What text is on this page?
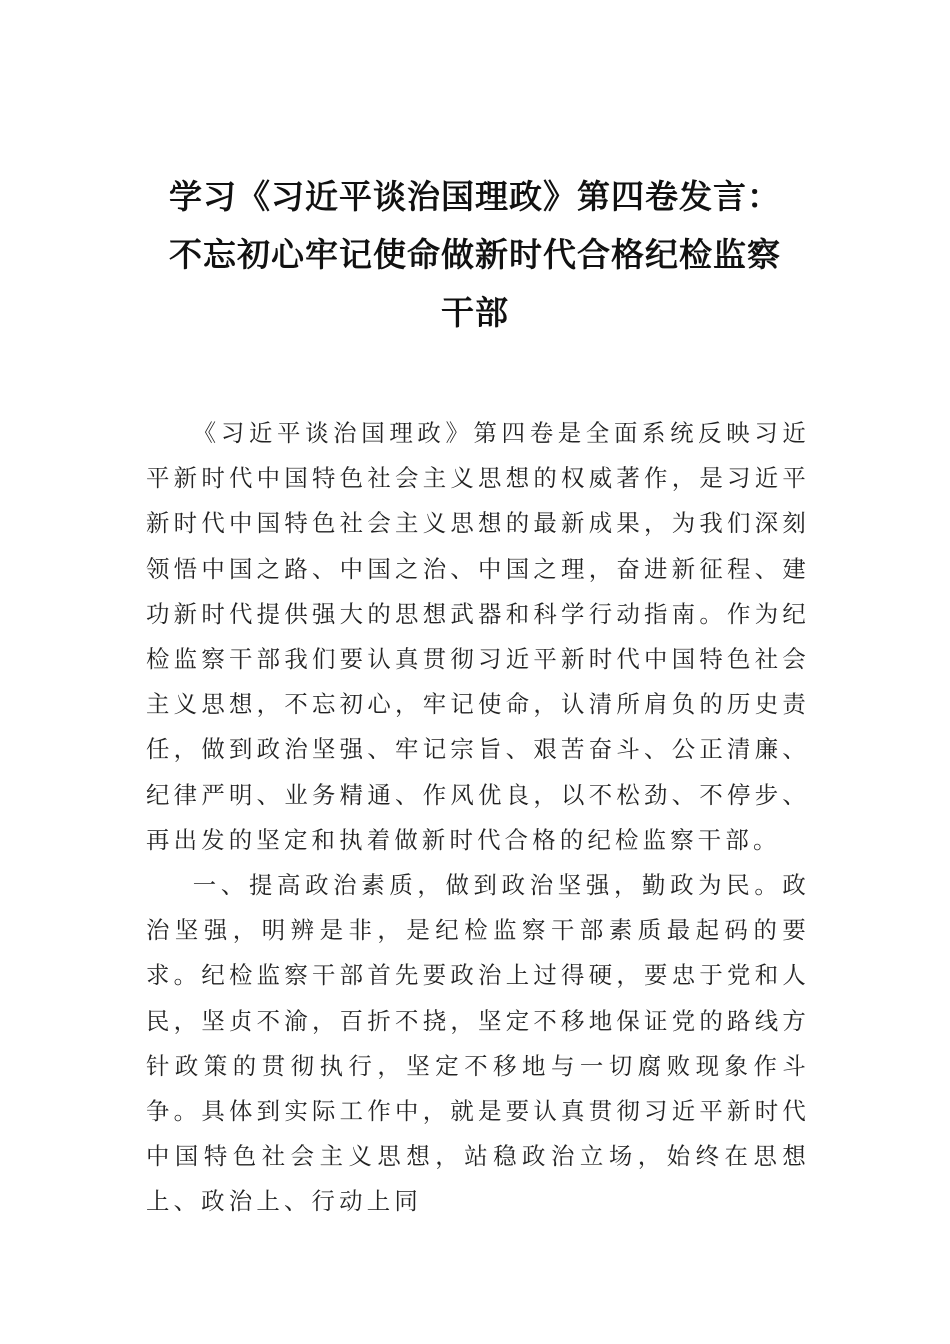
学习《习近平谈治国理政》第四卷发言：
不忘初心牢记使命做新时代合格纪检监察
干部

《习近平谈治国理政》第四卷是全面系统反映习近平新时代中国特色社会主义思想的权威著作，是习近平新时代中国特色社会主义思想的最新成果，为我们深刻领悟中国之路、中国之治、中国之理，奋进新征程、建功新时代提供强大的思想武器和科学行动指南。作为纪检监察干部我们要认真贯彻习近平新时代中国特色社会主义思想，不忘初心，牢记使命，认清所肩负的历史责任，做到政治坚强、牢记宗旨、艰苦奋斗、公正清廉、纪律严明、业务精通、作风优良，以不松劲、不停步、再出发的坚定和执着做新时代合格的纪检监察干部。

一、提高政治素质，做到政治坚强，勤政为民。政治坚强，明辨是非，是纪检监察干部素质最起码的要求。纪检监察干部首先要政治上过得硬，要忠于党和人民，坚贞不渝，百折不挠，坚定不移地保证党的路线方针政策的贯彻执行，坚定不移地与一切腐败现象作斗争。具体到实际工作中，就是要认真贯彻习近平新时代中国特色社会主义思想，站稳政治立场，始终在思想上、政治上、行动上同
